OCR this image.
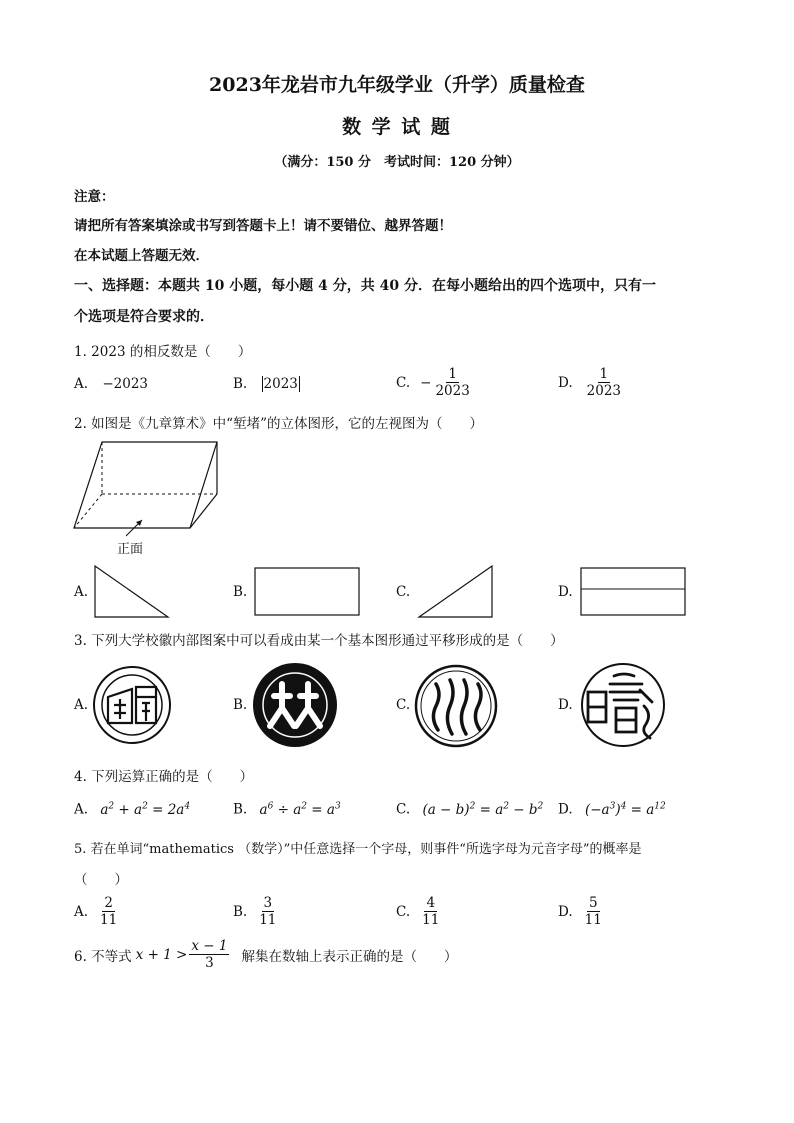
2023年龙岩市九年级学业（升学）质量检查
数 学 试 题
（满分：150 分　考试时间：120 分钟）
注意：
请把所有答案填涂或书写到答题卡上！请不要错位、越界答题！
在本试题上答题无效．
一、选择题：本题共 10 小题，每小题 4 分，共 40 分．在每小题给出的四个选项中，只有一
个选项是符合要求的．
1. 2023 的相反数是（　　）
A. −2023	B. 2023	C. − $\frac{1}{2023}$	D. $\frac{1}{2023}$
2. 如图是《九章算术》中“堑堵”的立体图形，它的左视图为（　　）
正面
A.	B.	C.	D.
3. 下列大学校徽内部图案中可以看成由某一个基本图形通过平移形成的是（　　）
A.	B.	C.	D.
4. 下列运算正确的是（　　）
A. $a^2 + a^2 = 2a^4$	B. $a^6 \div a^2 = a^3$	C. $(a - b)^2 = a^2 - b^2$ D. $(-a^3)^4 = a^{12}$
5. 若在单词“mathematics （数学）”中任意选择一个字母，则事件“所选字母为元音字母”的概率是
（　　）
A. $\frac{2}{11}$	B. $\frac{3}{11}$	C. $\frac{4}{11}$	D. $\frac{5}{11}$
6. 不等式 $x + 1 > \frac{x - 1}{3}$ 解集在数轴上表示正确的是（　　）
